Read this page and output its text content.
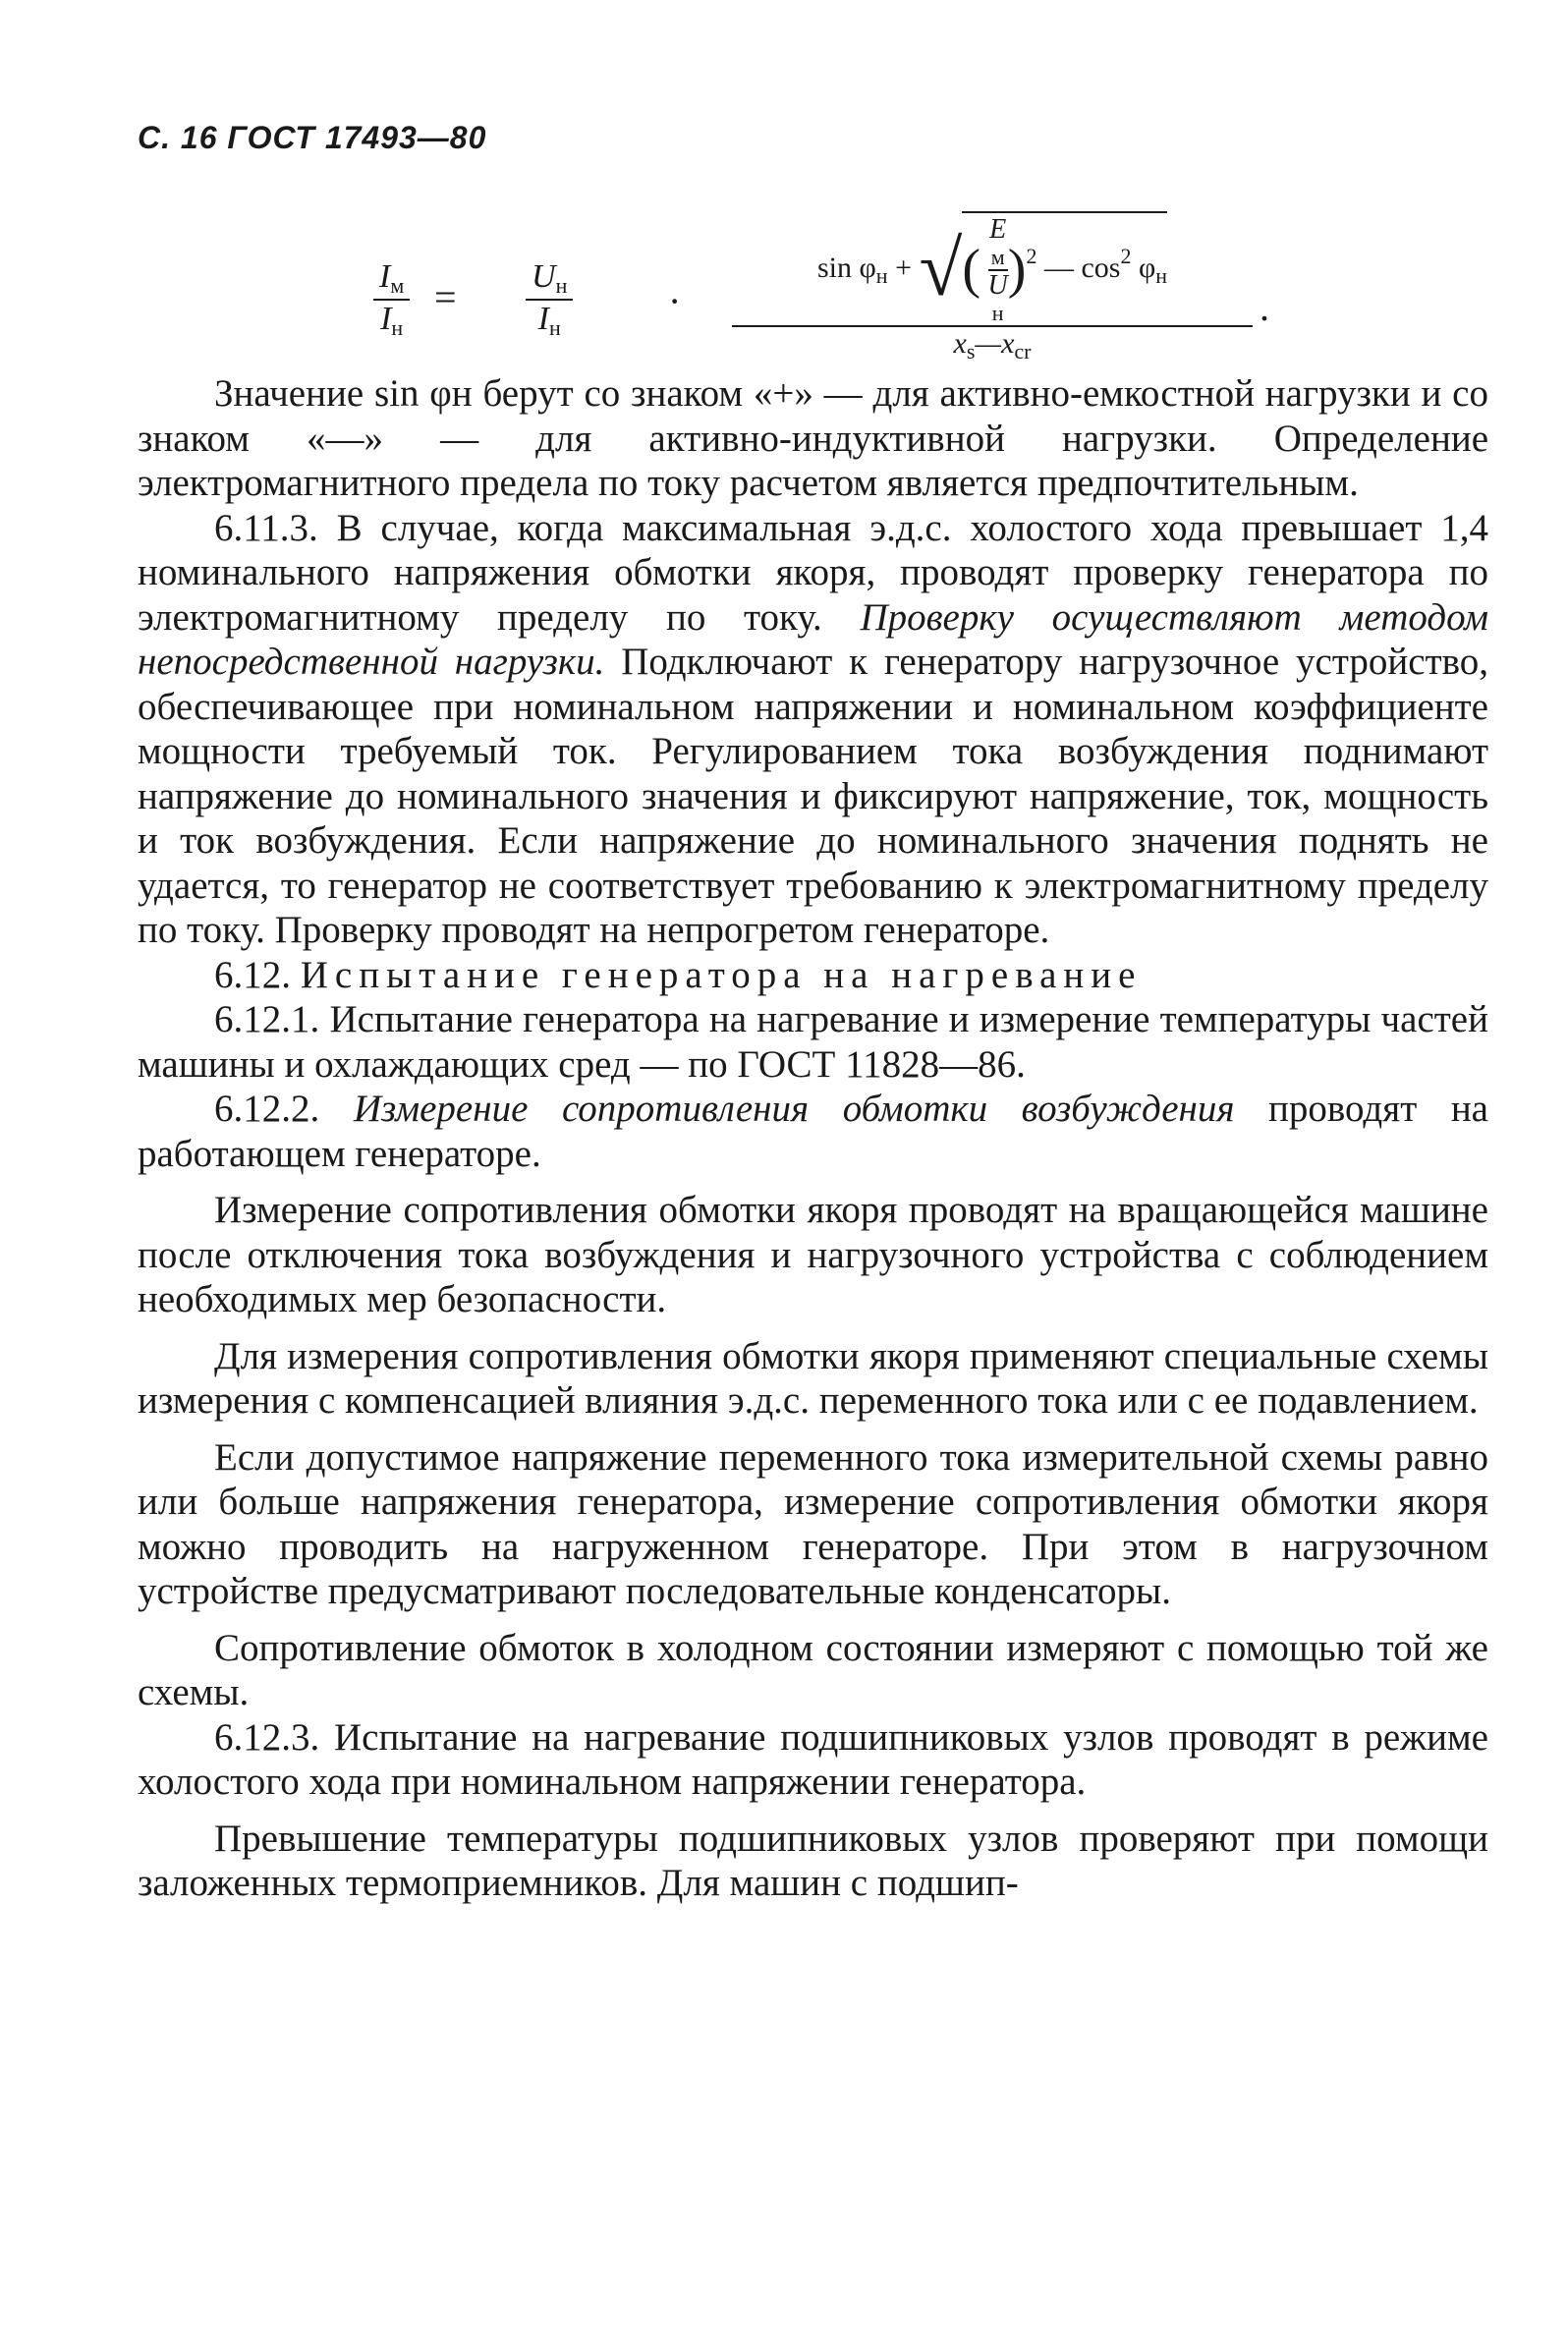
С. 16 ГОСТ 17493—80
$I_м$
$I_н$
= $U_н$
$I_н$
·
$\sin \varphi_н$ + √( E
м
U
н )$^2$ — $\cos^2 \varphi_н$
$x_s—x_{cr}$
.

Значение sin φн берут со знаком «+» — для активно-емкостной нагрузки и со знаком «—» — для активно-индуктивной нагрузки. Определение электромагнитного предела по току расчетом является предпочтительным.

6.11.3. В случае, когда максимальная э.д.с. холостого хода превышает 1,4 номинального напряжения обмотки якоря, проводят проверку генератора по электромагнитному пределу по току. Проверку осуществляют методом непосредственной нагрузки. Подключают к генератору нагрузочное устройство, обеспечивающее при номинальном напряжении и номинальном коэффициенте мощности требуемый ток. Регулированием тока возбуждения поднимают напряжение до номинального значения и фиксируют напряжение, ток, мощность и ток возбуждения. Если напряжение до номинального значения поднять не удается, то генератор не соответствует требованию к электромагнитному пределу по току. Проверку проводят на непрогретом генераторе.

6.12. Испытание генератора на нагревание

6.12.1. Испытание генератора на нагревание и измерение температуры частей машины и охлаждающих сред — по ГОСТ 11828—86.

6.12.2. Измерение сопротивления обмотки возбуждения проводят на работающем генераторе.

Измерение сопротивления обмотки якоря проводят на вращающейся машине после отключения тока возбуждения и нагрузочного устройства с соблюдением необходимых мер безопасности.

Для измерения сопротивления обмотки якоря применяют специальные схемы измерения с компенсацией влияния э.д.с. переменного тока или с ее подавлением.

Если допустимое напряжение переменного тока измерительной схемы равно или больше напряжения генератора, измерение сопротивления обмотки якоря можно проводить на нагруженном генераторе. При этом в нагрузочном устройстве предусматривают последовательные конденсаторы.

Сопротивление обмоток в холодном состоянии измеряют с помощью той же схемы.

6.12.3. Испытание на нагревание подшипниковых узлов проводят в режиме холостого хода при номинальном напряжении генератора.

Превышение температуры подшипниковых узлов проверяют при помощи заложенных термоприемников. Для машин с подшип-
